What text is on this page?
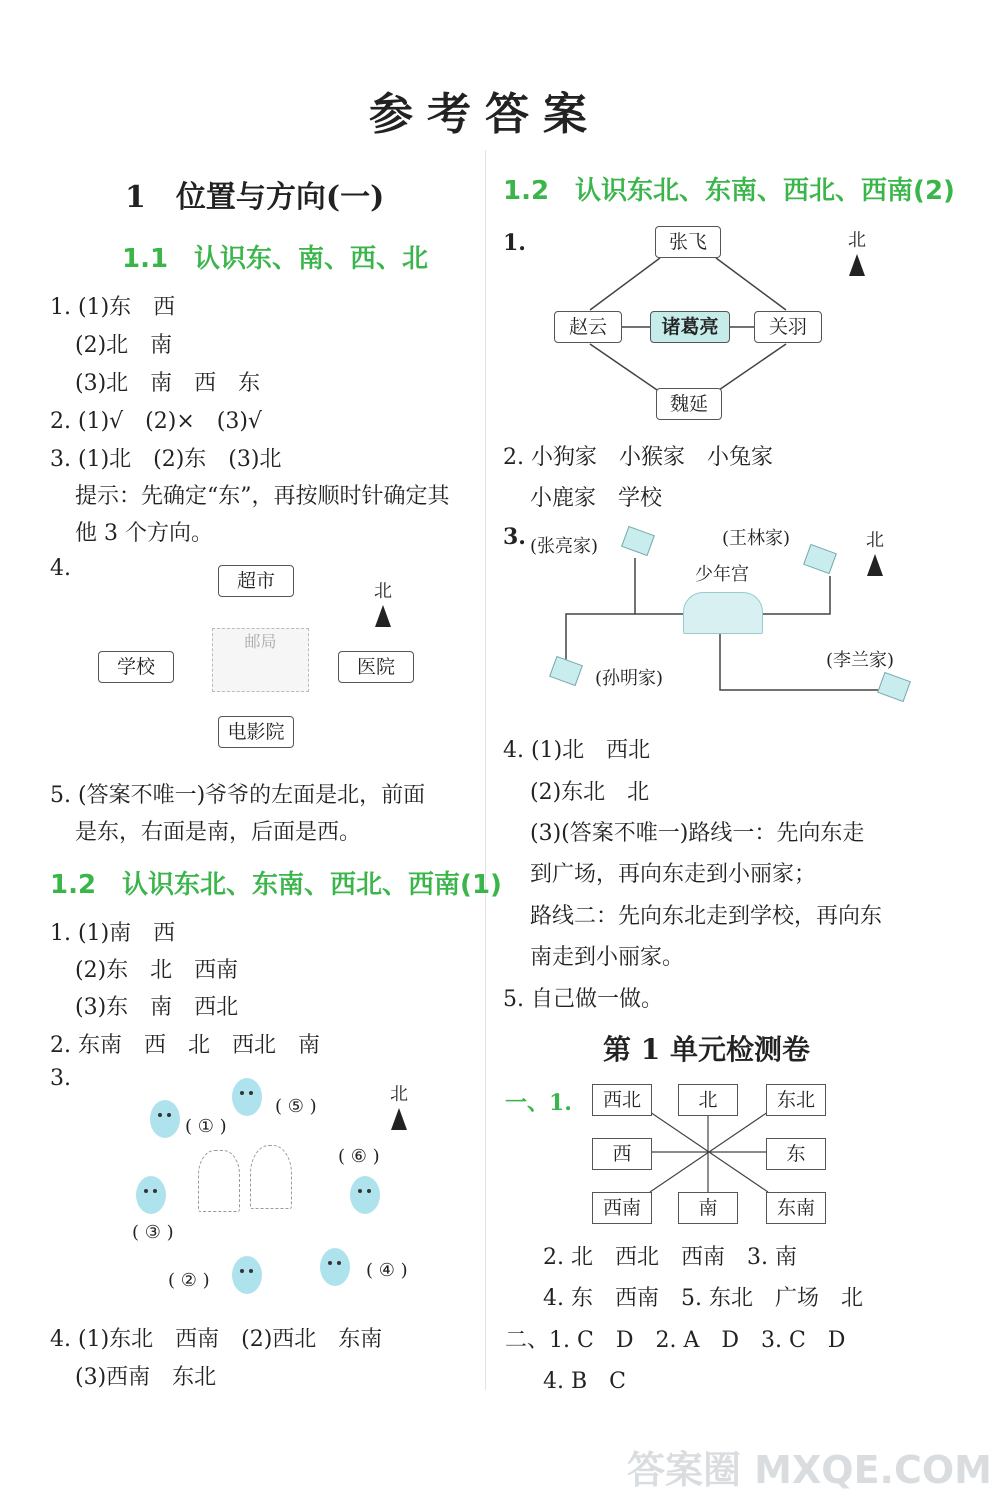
参考答案
1　位置与方向(一)
1.1　认识东、南、西、北
1. (1)东　西
(2)北　南
(3)北　南　西　东
2. (1)√　(2)×　(3)√
3. (1)北　(2)东　(3)北
提示：先确定“东”，再按顺时针确定其
他 3 个方向。
4.	超市
学校	医院
电影院
邮局
北
5. (答案不唯一)爷爷的左面是北，前面
是东，右面是南，后面是西。
1.2　认识东北、东南、西北、西南(1)
1. (1)南　西
(2)东　北　西南
(3)东　南　西北
2. 东南　西　北　西北　南
3.
( ① )
( ② )
( ③ )
( ④ )
( ⑤ )
( ⑥ )
北
4. (1)东北　西南　(2)西北　东南
(3)西南　东北
1.2　认识东北、东南、西北、西南(2)
1.	张飞
赵云	诸葛亮	关羽
魏延
北
2. 小狗家　小猴家　小兔家
小鹿家　学校
3. (张亮家)	(王林家)
少年宫
(孙明家)
(李兰家)
北
4. (1)北　西北
(2)东北　北
(3)(答案不唯一)路线一：先向东走
到广场，再向东走到小丽家；
路线二：先向东北走到学校，再向东
南走到小丽家。
5. 自己做一做。
第 1 单元检测卷
一、1.	西北	北	东北
西	东
西南	南	东南
2. 北　西北　西南　3. 南
4. 东　西南　5. 东北　广场　北
二、1. C　D　2. A　D　3. C　D
4. B　C
答案圈 MXQE.COM
